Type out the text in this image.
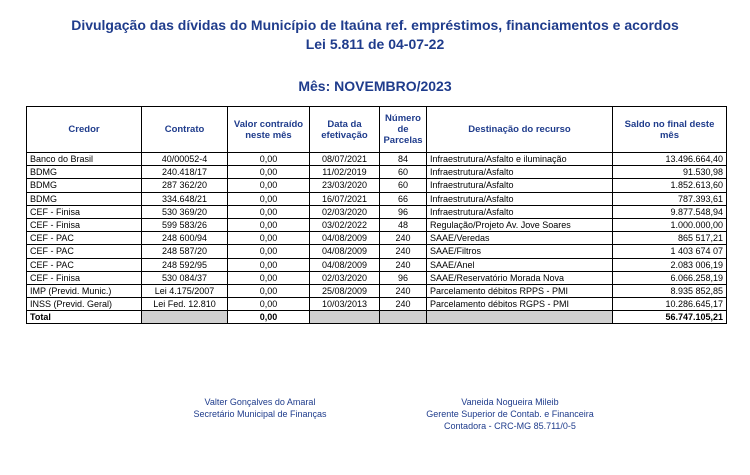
Divulgação das dívidas do Município de Itaúna ref. empréstimos, financiamentos e acordos
Lei 5.811 de 04-07-22
Mês: NOVEMBRO/2023
Credor	Contrato	Valor contraído neste mês	Data da efetivação	Número de Parcelas	Destinação do recurso	Saldo no final deste mês
Banco do Brasil	40/00052-4	0,00	08/07/2021	84	Infraestrutura/Asfalto e iluminação	13.496.664,40
BDMG	240.418/17	0,00	11/02/2019	60	Infraestrutura/Asfalto	91.530,98
BDMG	287 362/20	0,00	23/03/2020	60	Infraestrutura/Asfalto	1.852.613,60
BDMG	334.648/21	0,00	16/07/2021	66	Infraestrutura/Asfalto	787.393,61
CEF - Finisa	530 369/20	0,00	02/03/2020	96	Infraestrutura/Asfalto	9.877.548,94
CEF - Finisa	599 583/26	0,00	03/02/2022	48	Regulação/Projeto Av. Jove Soares	1.000.000,00
CEF - PAC	248 600/94	0,00	04/08/2009	240	SAAE/Veredas	865 517,21
CEF - PAC	248 587/20	0,00	04/08/2009	240	SAAE/Filtros	1 403 674 07
CEF - PAC	248 592/95	0,00	04/08/2009	240	SAAE/Anel	2.083 006,19
CEF - Finisa	530 084/37	0,00	02/03/2020	96	SAAE/Reservatório Morada Nova	6.066.258,19
IMP (Previd. Munic.)	Lei 4.175/2007	0,00	25/08/2009	240	Parcelamento débitos RPPS - PMI	8.935 852,85
INSS (Previd. Geral)	Lei Fed. 12.810	0,00	10/03/2013	240	Parcelamento débitos RGPS - PMI	10.286.645,17
Total		0,00				56.747.105,21
Valter Gonçalves do Amaral
Secretário Municipal de Finanças
Vaneida Nogueira Mileib
Gerente Superior de Contab. e Financeira
Contadora - CRC-MG 85.711/0-5
